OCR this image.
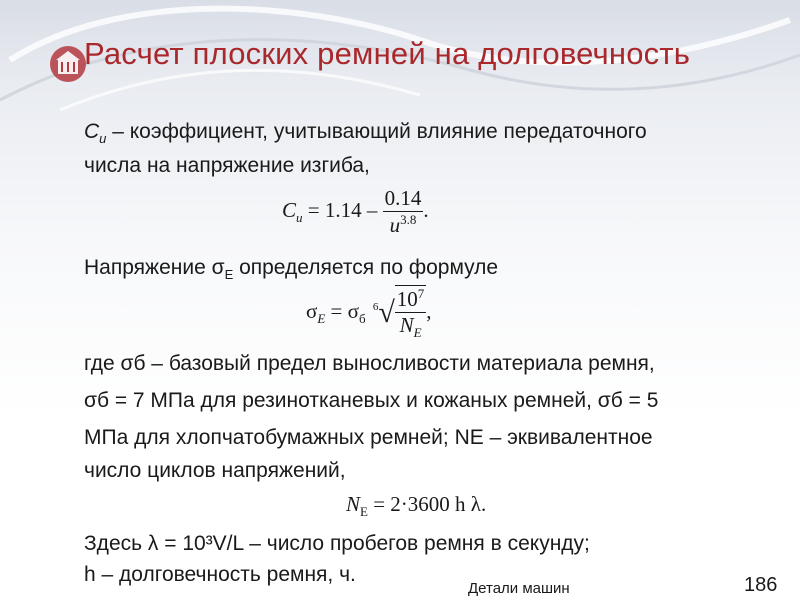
Расчет плоских ремней на долговечность
$C_u$ – коэффициент, учитывающий влияние передаточного
числа на напряжение изгиба,
$C_u = 1.14 - \frac{0.14}{u^{3.8}}$ .
Напряжение $\sigma_E$ определяется по формуле
$\sigma_E = \sigma_б$ $^6√ \frac{10^7}{N_E}$ ,
где σб – базовый предел выносливости материала ремня,
σб = 7 МПа для резинотканевых и кожаных ремней, σб = 5
МПа для хлопчатобумажных ремней; NЕ – эквивалентное
число циклов напряжений,
$N_Е = 2\cdot 3600$ h λ.
Здесь λ = 10³V/L – число пробегов ремня в секунду;
h – долговечность ремня, ч.
Детали машин	186
